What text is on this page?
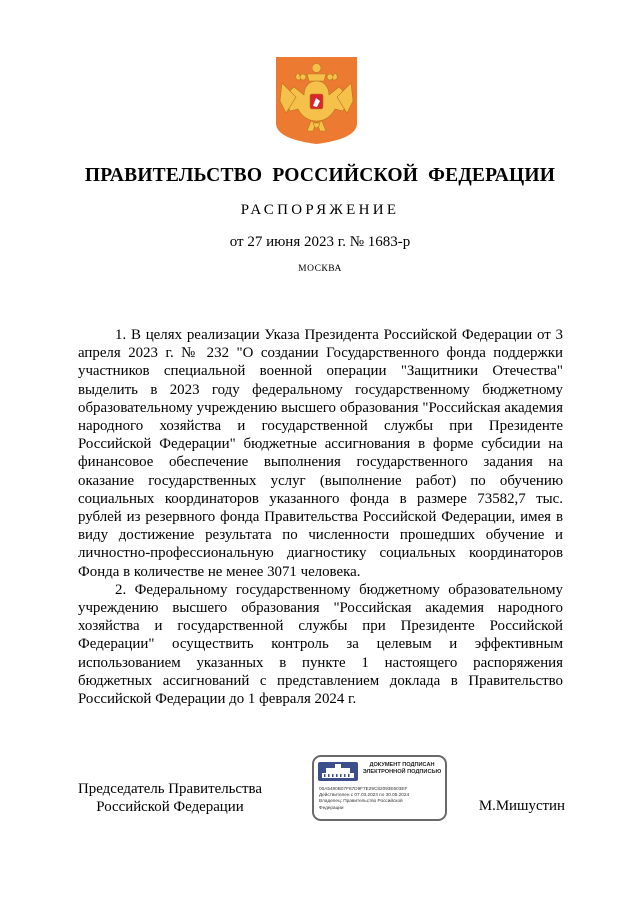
ПРАВИТЕЛЬСТВО РОССИЙСКОЙ ФЕДЕРАЦИИ
РАСПОРЯЖЕНИЕ
от 27 июня 2023 г. № 1683-р
МОСКВА

1. В целях реализации Указа Президента Российской Федерации от 3 апреля 2023 г. № 232 "О создании Государственного фонда поддержки участников специальной военной операции "Защитники Отечества" выделить в 2023 году федеральному государственному бюджетному образовательному учреждению высшего образования "Российская академия народного хозяйства и государственной службы при Президенте Российской Федерации" бюджетные ассигнования в форме субсидии на финансовое обеспечение выполнения государственного задания на оказание государственных услуг (выполнение работ) по обучению социальных координаторов указанного фонда в размере 73582,7 тыс. рублей из резервного фонда Правительства Российской Федерации, имея в виду достижение результата по численности прошедших обучение и личностно-профессиональную диагностику социальных координаторов Фонда в количестве не менее 3071 человека.

2. Федеральному государственному бюджетному образовательному учреждению высшего образования "Российская академия народного хозяйства и государственной службы при Президенте Российской Федерации" осуществить контроль за целевым и эффективным использованием указанных в пункте 1 настоящего распоряжения бюджетных ассигнований с представлением доклада в Правительство Российской Федерации до 1 февраля 2024 г.

Председатель Правительства
Российской Федерации
ДОКУМЕНТ ПОДПИСАН
ЭЛЕКТРОННОЙ ПОДПИСЬЮ
00A5490B07F87D9F7E29C82093E603EF
Действителен с 07.03.2023 по 30.05.2024
Владелец: Правительство Российской
Федерации	М.Мишустин
